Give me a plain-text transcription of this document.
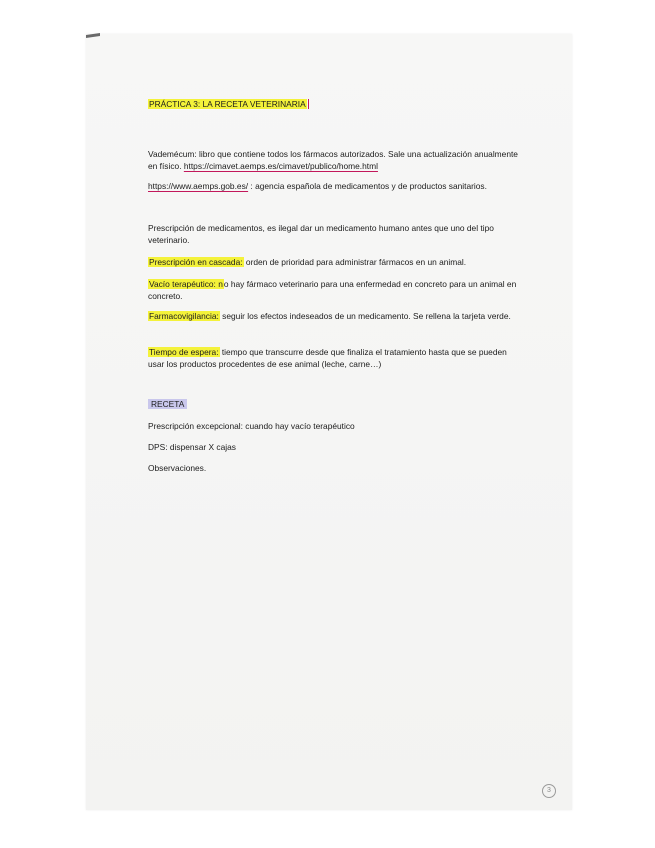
PRÁCTICA 3: LA RECETA VETERINARIA

Vademécum: libro que contiene todos los fármacos autorizados. Sale una actualización anualmente en físico. https://cimavet.aemps.es/cimavet/publico/home.html

https://www.aemps.gob.es/ : agencia española de medicamentos y de productos sanitarios.

Prescripción de medicamentos, es ilegal dar un medicamento humano antes que uno del tipo veterinario.

Prescripción en cascada: orden de prioridad para administrar fármacos en un animal.

Vacío terapéutico: no hay fármaco veterinario para una enfermedad en concreto para un animal en concreto.

Farmacovigilancia: seguir los efectos indeseados de un medicamento. Se rellena la tarjeta verde.

Tiempo de espera: tiempo que transcurre desde que finaliza el tratamiento hasta que se pueden usar los productos procedentes de ese animal (leche, carne…)

RECETA

Prescripción excepcional: cuando hay vacío terapéutico

DPS: dispensar X cajas

Observaciones.

3
